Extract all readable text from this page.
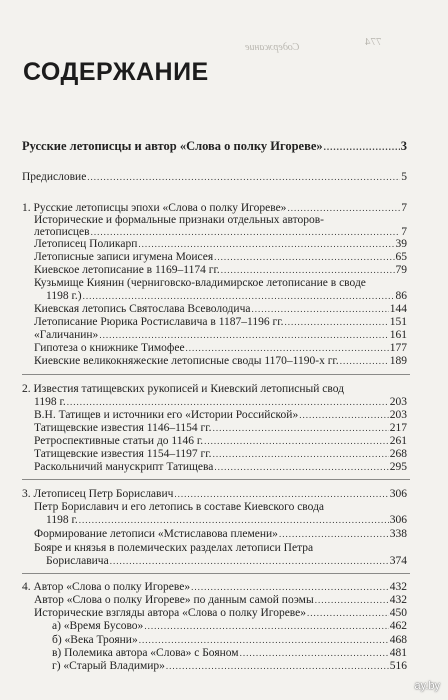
Содержание	774
СОДЕРЖАНИЕ
Русские летописцы и автор «Слова о полку Игореве» .....	3
Предисловие .....	5
1. Русские летописцы эпохи «Слова о полку Игореве» .....	7
Исторические и формальные признаки отдельных авторов-
летописцев .....	7
Летописец Поликарп .....	39
Летописные записи игумена Моисея .....	65
Киевское летописание в 1169–1174 гг. .....	79
Кузьмище Киянин (черниговско-владимирское летописание в своде
1198 г.) .....	86
Киевская летопись Святослава Всеволодича .....	144
Летописание Рюрика Ростиславича в 1187–1196 гг. .....	151
«Галичанин» .....	161
Гипотеза о книжнике Тимофее .....	177
Киевские великокняжеские летописные своды 1170–1190-х гг. .....	189
2. Известия татищевских рукописей и Киевский летописный свод
1198 г. .....	203
В.Н. Татищев и источники его «Истории Российской» .....	203
Татищевские известия 1146–1154 гг. .....	217
Ретроспективные статьи до 1146 г. .....	261
Татищевские известия 1154–1197 гг. .....	268
Раскольничий манускрипт Татищева .....	295
3. Летописец Петр Бориславич .....	306
Петр Бориславич и его летопись в составе Киевского свода
1198 г. .....	306
Формирование летописи «Мстиславова племени» .....	338
Бояре и князья в полемических разделах летописи Петра
Бориславича .....	374
4. Автор «Слова о полку Игореве» .....	432
Автор «Слова о полку Игореве» по данным самой поэмы .....	432
Исторические взгляды автора «Слова о полку Игореве» .....	450
а) «Время Бусово» .....	462
б) «Века Трояни» .....	468
в) Полемика автора «Слова» с Бояном .....	481
г) «Старый Владимир» .....	516
ay.by
